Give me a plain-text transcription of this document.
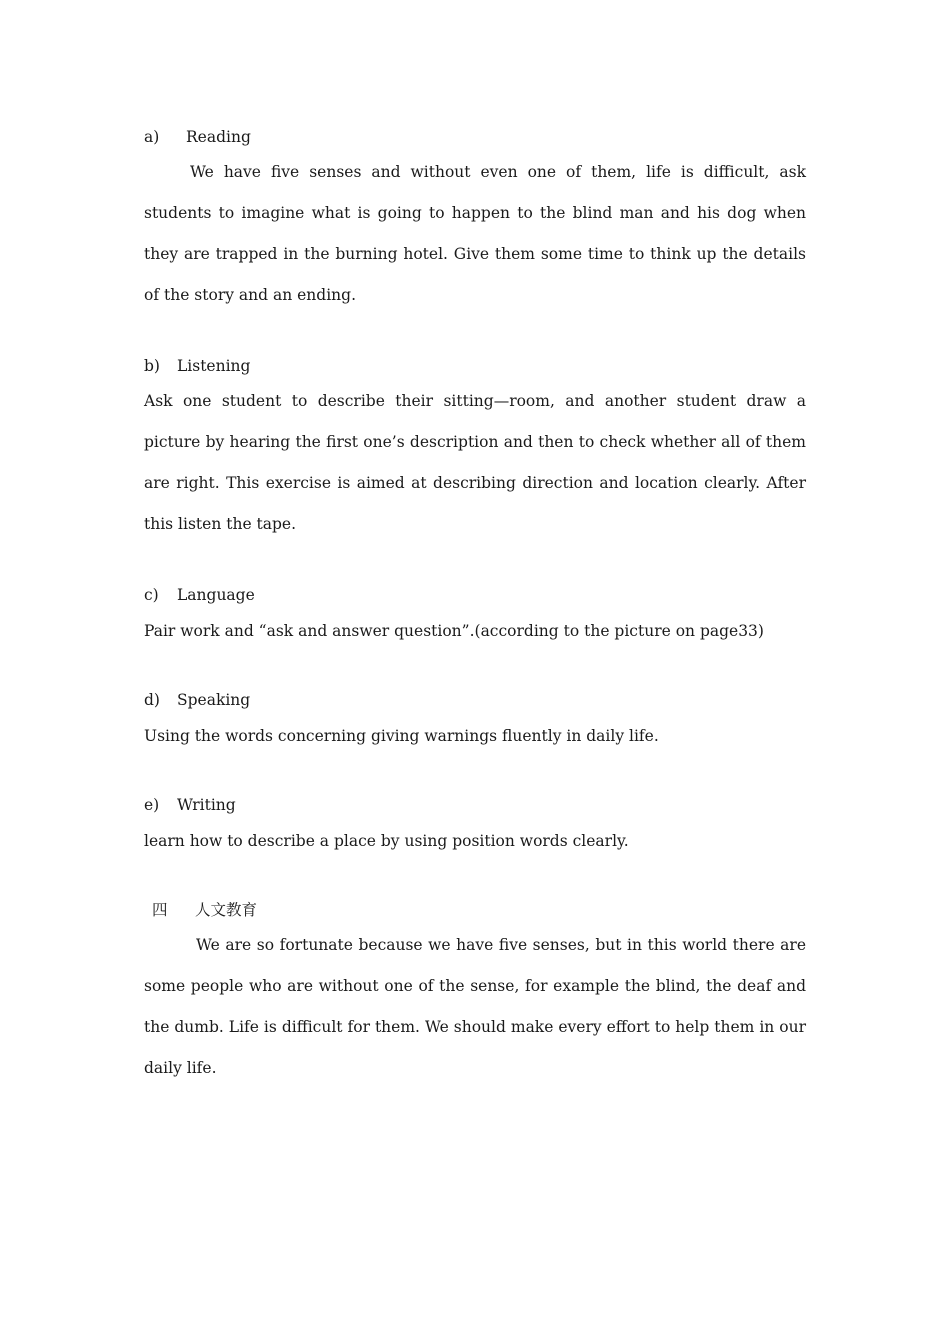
a) Reading

We have five senses and without even one of them, life is difficult, ask students to imagine what is going to happen to the blind man and his dog when they are trapped in the burning hotel. Give them some time to think up the details of the story and an ending.

b) Listening

Ask one student to describe their sitting—room, and another student draw a picture by hearing the first one’s description and then to check whether all of them are right. This exercise is aimed at describing direction and location clearly. After this listen the tape.

c) Language
Pair work and “ask and answer question”.(according to the picture on page33)
d) Speaking
Using the words concerning giving warnings fluently in daily life.
e) Writing
learn how to describe a place by using position words clearly.
四 人文教育

We are so fortunate because we have five senses, but in this world there are some people who are without one of the sense, for example the blind, the deaf and the dumb. Life is difficult for them. We should make every effort to help them in our daily life.
